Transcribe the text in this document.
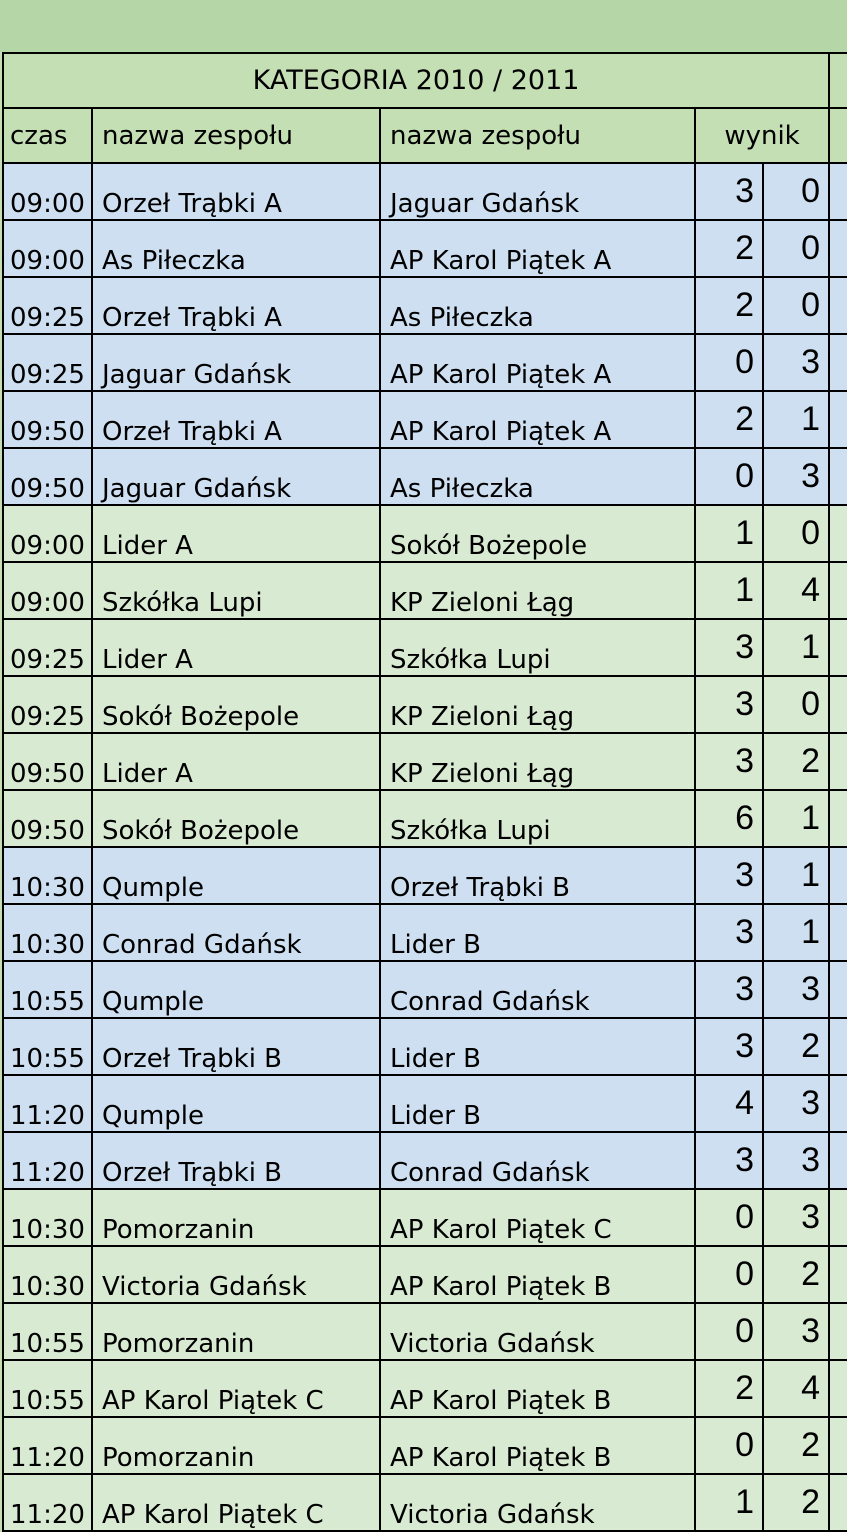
KATEGORIA 2010 / 2011					
czas	nazwa zespołu	nazwa zespołu	wynik		
09:00	Orzeł Trąbki A	Jaguar Gdańsk	3	0	
09:00	As Piłeczka	AP Karol Piątek A	2	0	
09:25	Orzeł Trąbki A	As Piłeczka	2	0	
09:25	Jaguar Gdańsk	AP Karol Piątek A	0	3	
09:50	Orzeł Trąbki A	AP Karol Piątek A	2	1	
09:50	Jaguar Gdańsk	As Piłeczka	0	3	
09:00	Lider A	Sokół Bożepole	1	0	
09:00	Szkółka Lupi	KP Zieloni Łąg	1	4	
09:25	Lider A	Szkółka Lupi	3	1	
09:25	Sokół Bożepole	KP Zieloni Łąg	3	0	
09:50	Lider A	KP Zieloni Łąg	3	2	
09:50	Sokół Bożepole	Szkółka Lupi	6	1	
10:30	Qumple	Orzeł Trąbki B	3	1	
10:30	Conrad Gdańsk	Lider B	3	1	
10:55	Qumple	Conrad Gdańsk	3	3	
10:55	Orzeł Trąbki B	Lider B	3	2	
11:20	Qumple	Lider B	4	3	
11:20	Orzeł Trąbki B	Conrad Gdańsk	3	3	
10:30	Pomorzanin	AP Karol Piątek C	0	3	
10:30	Victoria Gdańsk	AP Karol Piątek B	0	2	
10:55	Pomorzanin	Victoria Gdańsk	0	3	
10:55	AP Karol Piątek C	AP Karol Piątek B	2	4	
11:20	Pomorzanin	AP Karol Piątek B	0	2	
11:20	AP Karol Piątek C	Victoria Gdańsk	1	2	
